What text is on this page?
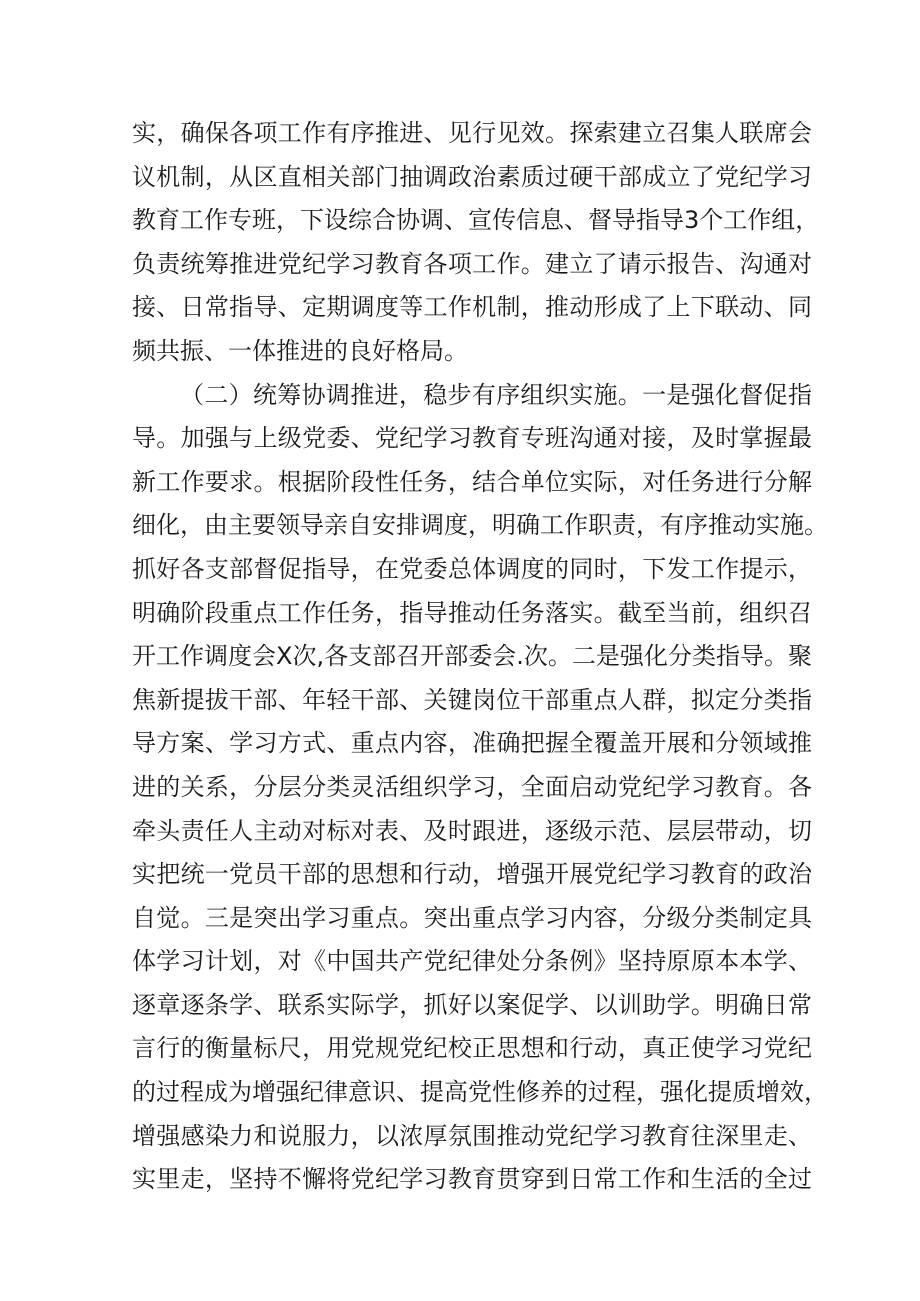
实，确保各项工作有序推进、见行见效。探索建立召集人联席会
议机制，从区直相关部门抽调政治素质过硬干部成立了党纪学习
教育工作专班，下设综合协调、宣传信息、督导指导3个工作组，
负责统筹推进党纪学习教育各项工作。建立了请示报告、沟通对
接、日常指导、定期调度等工作机制，推动形成了上下联动、同
频共振、一体推进的良好格局。
（二）统筹协调推进，稳步有序组织实施。一是强化督促指
导。加强与上级党委、党纪学习教育专班沟通对接，及时掌握最
新工作要求。根据阶段性任务，结合单位实际，对任务进行分解
细化，由主要领导亲自安排调度，明确工作职责，有序推动实施。
抓好各支部督促指导，在党委总体调度的同时，下发工作提示，
明确阶段重点工作任务，指导推动任务落实。截至当前，组织召
开工作调度会X次,各支部召开部委会.次。二是强化分类指导。聚
焦新提拔干部、年轻干部、关键岗位干部重点人群，拟定分类指
导方案、学习方式、重点内容，准确把握全覆盖开展和分领域推
进的关系，分层分类灵活组织学习，全面启动党纪学习教育。各
牵头责任人主动对标对表、及时跟进，逐级示范、层层带动，切
实把统一党员干部的思想和行动，增强开展党纪学习教育的政治
自觉。三是突出学习重点。突出重点学习内容，分级分类制定具
体学习计划，对《中国共产党纪律处分条例》坚持原原本本学、
逐章逐条学、联系实际学，抓好以案促学、以训助学。明确日常
言行的衡量标尺，用党规党纪校正思想和行动，真正使学习党纪
的过程成为增强纪律意识、提高党性修养的过程，强化提质增效，
增强感染力和说服力，以浓厚氛围推动党纪学习教育往深里走、
实里走，坚持不懈将党纪学习教育贯穿到日常工作和生活的全过
